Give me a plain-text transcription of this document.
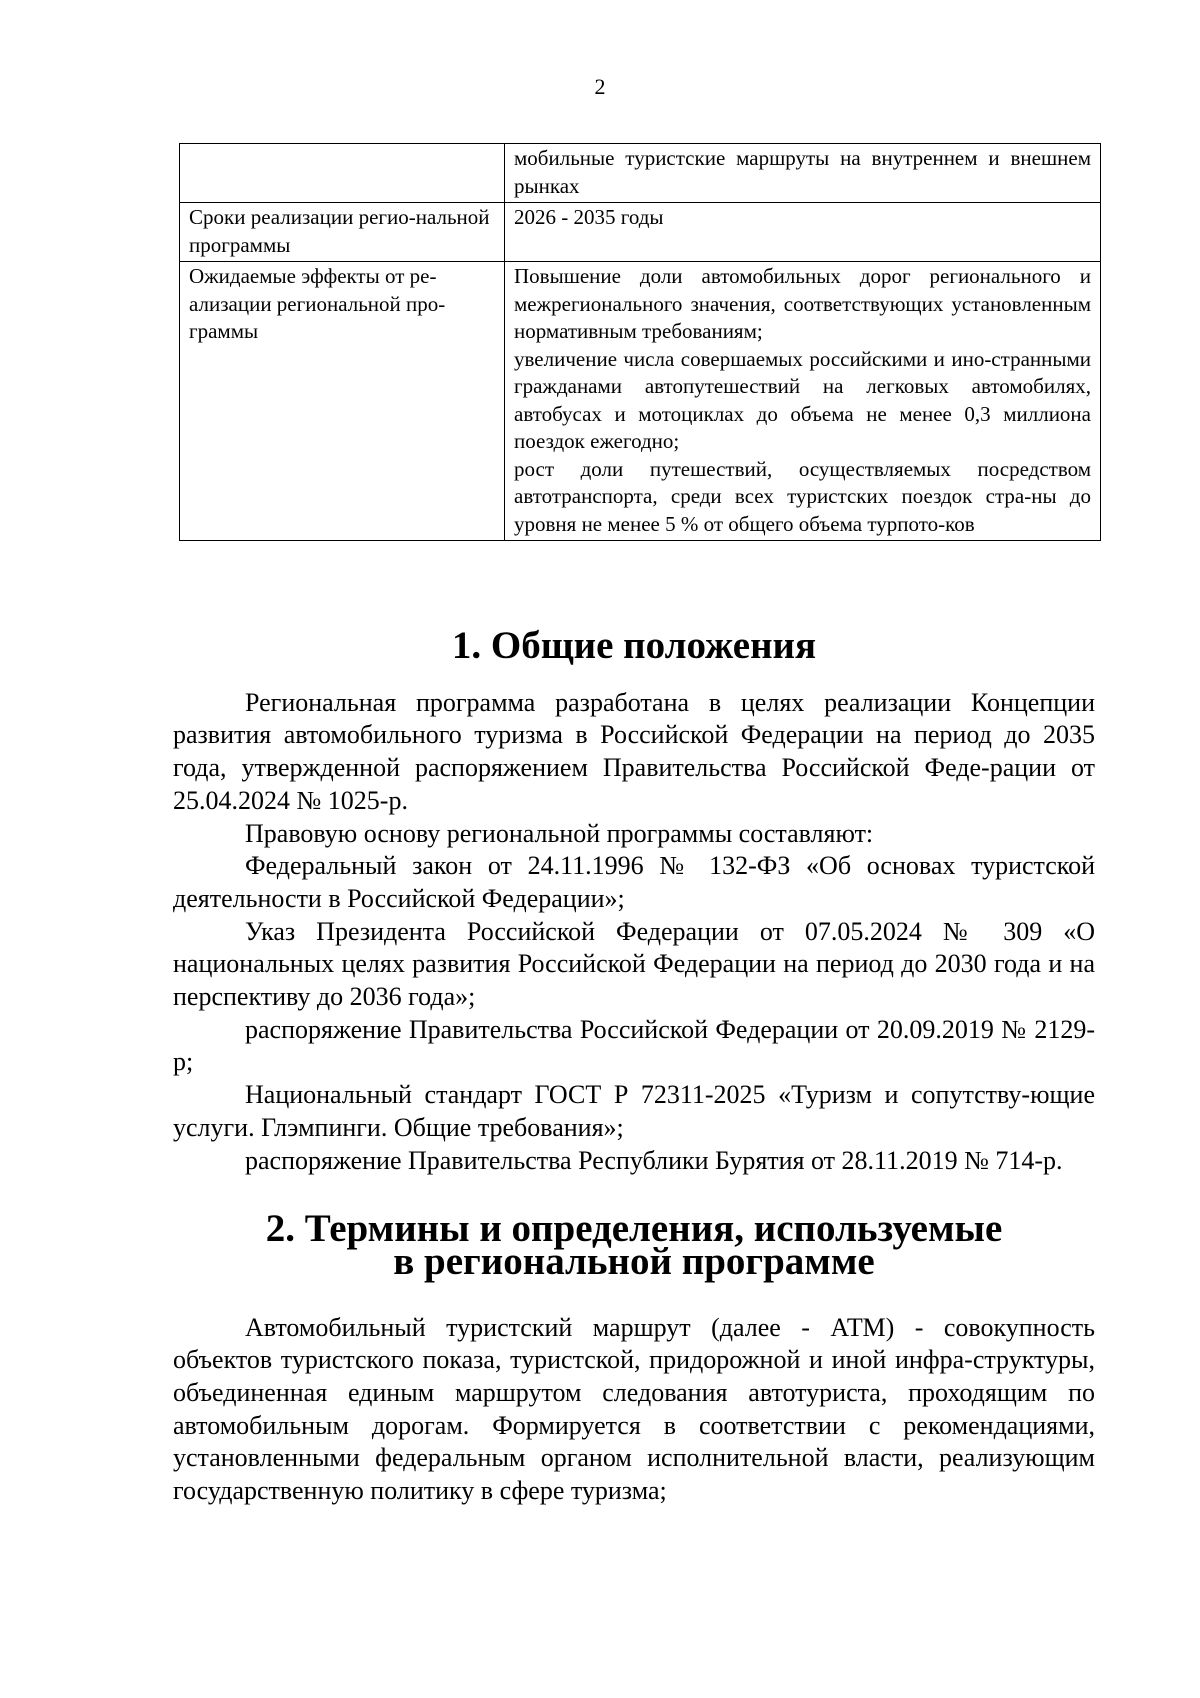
2

	мобильные туристские маршруты на внутреннем и внешнем рынках

Сроки реализации регио-нальной программы	2026 - 2035 годы

Ожидаемые эффекты от ре-ализации региональной про-граммы	Повышение доли автомобильных дорог регионального и межрегионального значения, соответствующих установленным нормативным требованиям;
увеличение числа совершаемых российскими и ино-странными гражданами автопутешествий на легковых автомобилях, автобусах и мотоциклах до объема не менее 0,3 миллиона поездок ежегодно;
рост доли путешествий, осуществляемых посредством автотранспорта, среди всех туристских поездок стра-ны до уровня не менее 5 % от общего объема турпото-ков
1. Общие положения

Региональная программа разработана в целях реализации Концепции развития автомобильного туризма в Российской Федерации на период до 2035 года, утвержденной распоряжением Правительства Российской Феде-рации от 25.04.2024 № 1025-р.

Правовую основу региональной программы составляют:

Федеральный закон от 24.11.1996 № 132-ФЗ «Об основах туристской деятельности в Российской Федерации»;

Указ Президента Российской Федерации от 07.05.2024 № 309 «О национальных целях развития Российской Федерации на период до 2030 года и на перспективу до 2036 года»;

распоряжение Правительства Российской Федерации от 20.09.2019 № 2129-р;

Национальный стандарт ГОСТ Р 72311-2025 «Туризм и сопутству-ющие услуги. Глэмпинги. Общие требования»;

распоряжение Правительства Республики Бурятия от 28.11.2019 № 714-р.

2. Термины и определения, используемые
в региональной программе

Автомобильный туристский маршрут (далее - АТМ) - совокупность объектов туристского показа, туристской, придорожной и иной инфра-структуры, объединенная единым маршрутом следования автотуриста, проходящим по автомобильным дорогам. Формируется в соответствии с рекомендациями, установленными федеральным органом исполнительной власти, реализующим государственную политику в сфере туризма;
